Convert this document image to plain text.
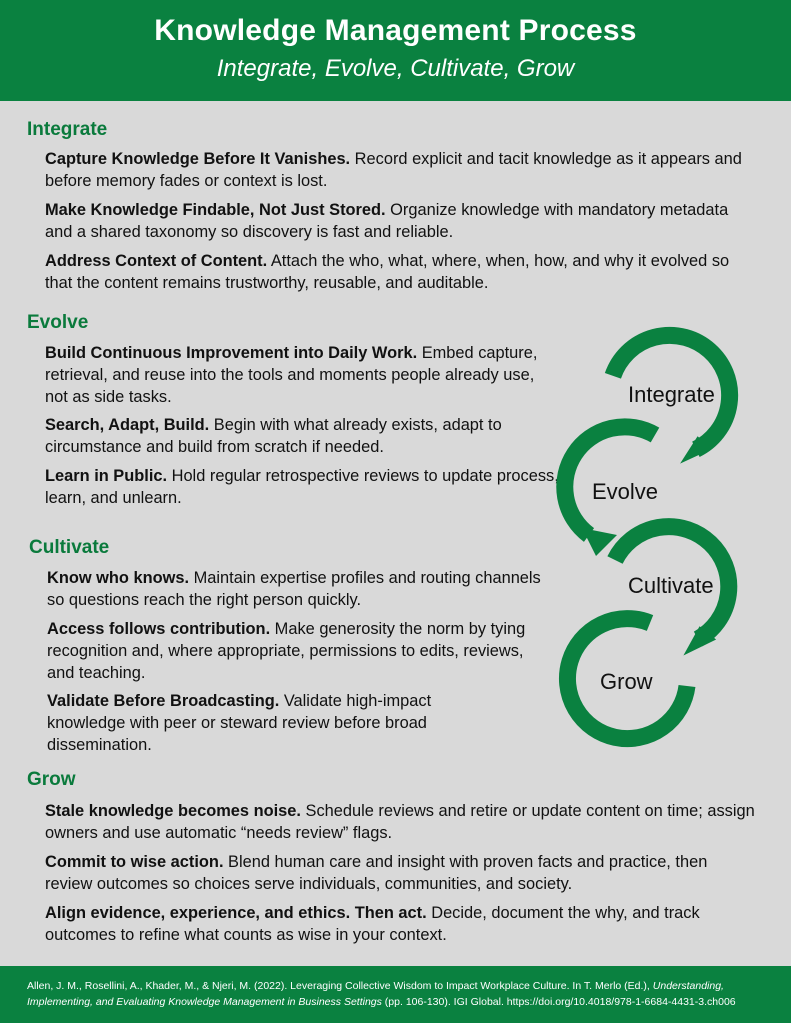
Knowledge Management Process
Integrate, Evolve, Cultivate, Grow
Integrate
Capture Knowledge Before It Vanishes. Record explicit and tacit knowledge as it appears and before memory fades or context is lost.
Make Knowledge Findable, Not Just Stored. Organize knowledge with mandatory metadata and a shared taxonomy so discovery is fast and reliable.
Address Context of Content. Attach the who, what, where, when, how, and why it evolved so that the content remains trustworthy, reusable, and auditable.
Evolve
Build Continuous Improvement into Daily Work. Embed capture, retrieval, and reuse into the tools and moments people already use, not as side tasks.
Search, Adapt, Build. Begin with what already exists, adapt to circumstance and build from scratch if needed.
Learn in Public. Hold regular retrospective reviews to update process, learn, and unlearn.
Cultivate
Know who knows. Maintain expertise profiles and routing channels so questions reach the right person quickly.
Access follows contribution. Make generosity the norm by tying recognition and, where appropriate, permissions to edits, reviews, and teaching.
Validate Before Broadcasting. Validate high-impact knowledge with peer or steward review before broad dissemination.
Grow
Stale knowledge becomes noise. Schedule reviews and retire or update content on time; assign owners and use automatic “needs review” flags.
Commit to wise action. Blend human care and insight with proven facts and practice, then review outcomes so choices serve individuals, communities, and society.
Align evidence, experience, and ethics. Then act. Decide, document the why, and track outcomes to refine what counts as wise in your context.
Integrate
Evolve
Cultivate
Grow
Allen, J. M., Rosellini, A., Khader, M., & Njeri, M. (2022). Leveraging Collective Wisdom to Impact Workplace Culture. In T. Merlo (Ed.), Understanding, Implementing, and Evaluating Knowledge Management in Business Settings (pp. 106-130). IGI Global. https://doi.org/10.4018/978-1-6684-4431-3.ch006
